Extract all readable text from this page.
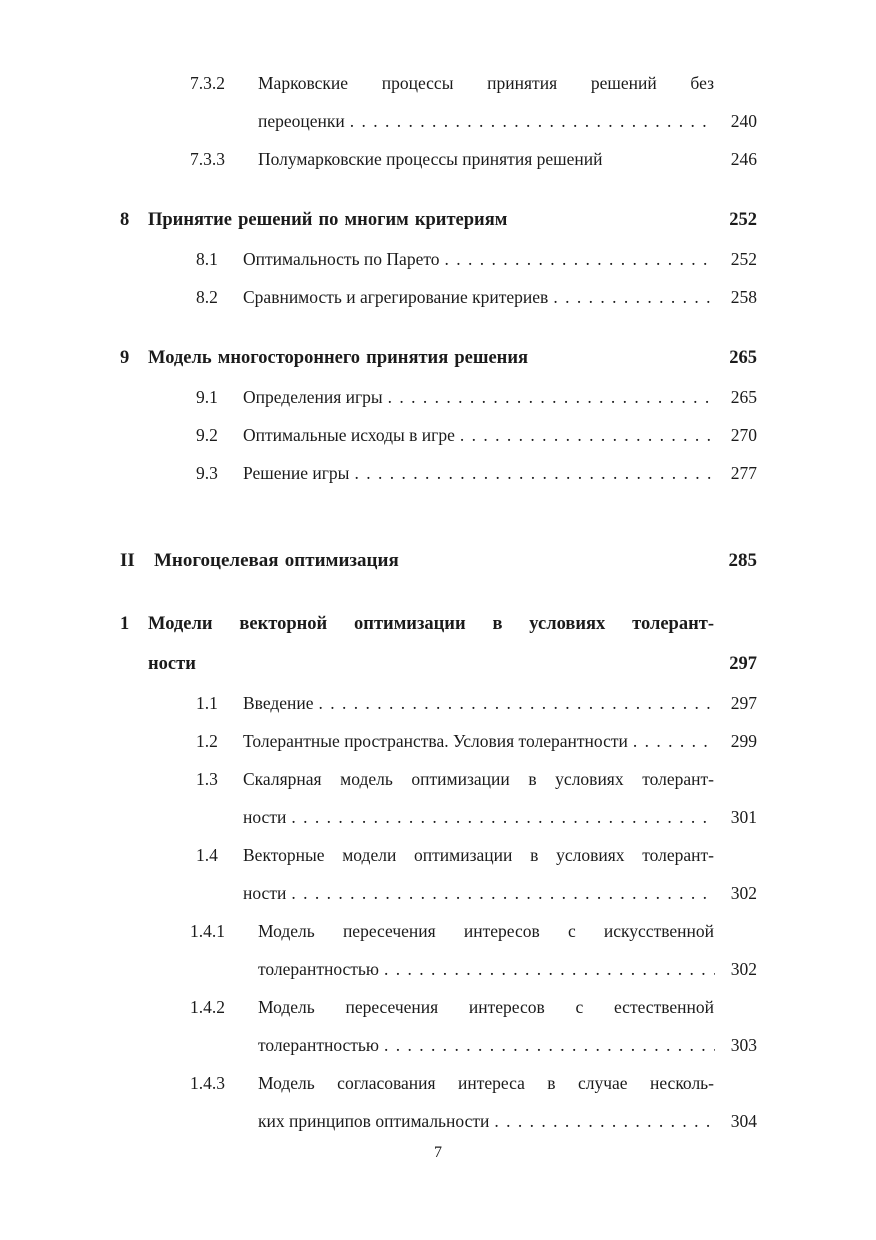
7.3.2	Марковские процессы принятия решений без
переоценки . . .	240
7.3.3	Полумарковские процессы принятия решений	246
8	Принятие решений по многим критериям	252
8.1	Оптимальность по Парето . . .	252
8.2	Сравнимость и агрегирование критериев . . .	258
9	Модель многостороннего принятия решения	265
9.1	Определения игры . . .	265
9.2	Оптимальные исходы в игре . . .	270
9.3	Решение игры . . .	277
II	Многоцелевая оптимизация	285
1	Модели векторной оптимизации в условиях толерант-
ности	297
1.1	Введение . . .	297
1.2	Толерантные пространства. Условия толерантности . . .	299
1.3	Скалярная модель оптимизации в условиях толерант-
ности . . .	301
1.4	Векторные модели оптимизации в условиях толерант-
ности . . .	302
1.4.1	Модель пересечения интересов с искусственной
толерантностью . . .	302
1.4.2	Модель пересечения интересов с естественной
толерантностью . . .	303
1.4.3	Модель согласования интереса в случае несколь-
ких принципов оптимальности . . .	304
7
